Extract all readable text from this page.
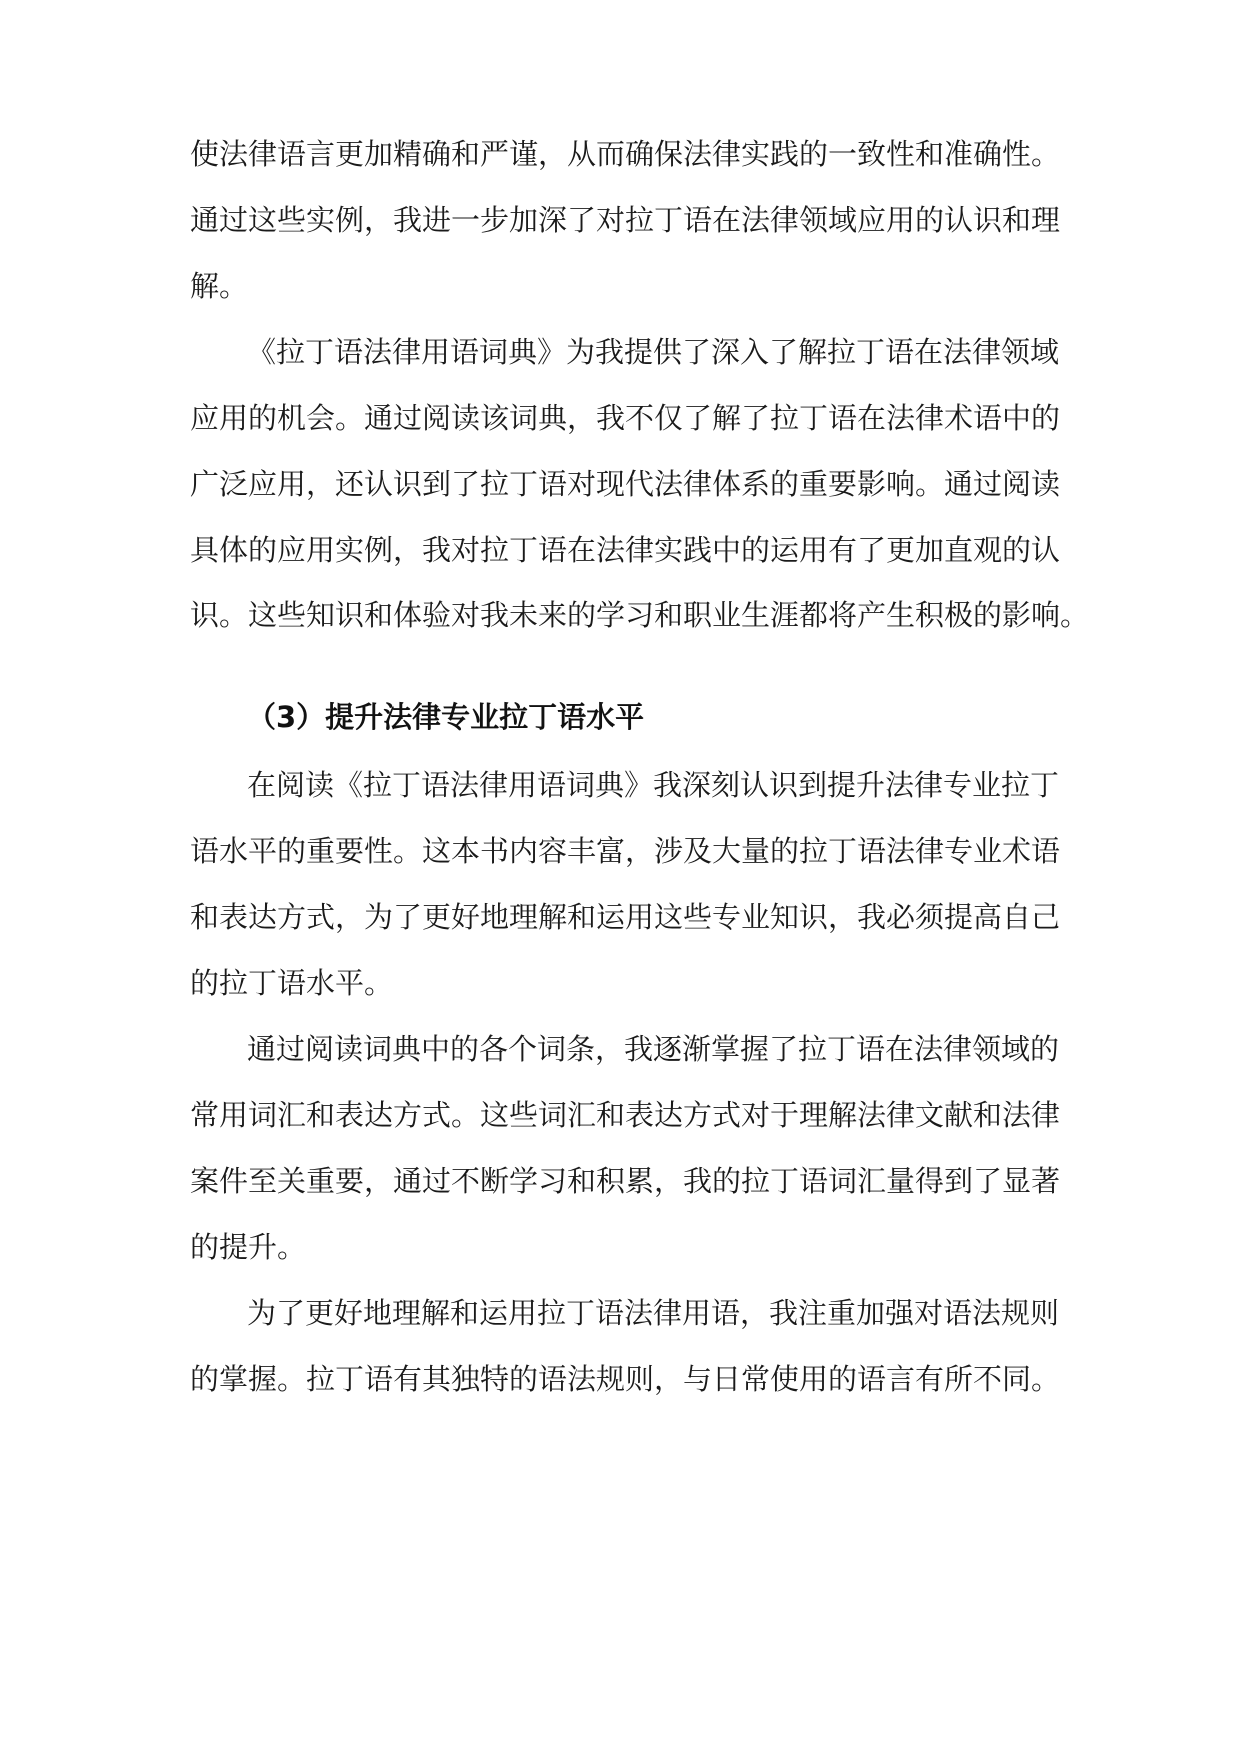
使法律语言更加精确和严谨，从而确保法律实践的一致性和准确性。

通过这些实例，我进一步加深了对拉丁语在法律领域应用的认识和理

解。

《拉丁语法律用语词典》为我提供了深入了解拉丁语在法律领域

应用的机会。通过阅读该词典，我不仅了解了拉丁语在法律术语中的

广泛应用，还认识到了拉丁语对现代法律体系的重要影响。通过阅读

具体的应用实例，我对拉丁语在法律实践中的运用有了更加直观的认

识。这些知识和体验对我未来的学习和职业生涯都将产生积极的影响。

（3）提升法律专业拉丁语水平

在阅读《拉丁语法律用语词典》我深刻认识到提升法律专业拉丁

语水平的重要性。这本书内容丰富，涉及大量的拉丁语法律专业术语

和表达方式，为了更好地理解和运用这些专业知识，我必须提高自己

的拉丁语水平。

通过阅读词典中的各个词条，我逐渐掌握了拉丁语在法律领域的

常用词汇和表达方式。这些词汇和表达方式对于理解法律文献和法律

案件至关重要，通过不断学习和积累，我的拉丁语词汇量得到了显著

的提升。

为了更好地理解和运用拉丁语法律用语，我注重加强对语法规则

的掌握。拉丁语有其独特的语法规则，与日常使用的语言有所不同。
